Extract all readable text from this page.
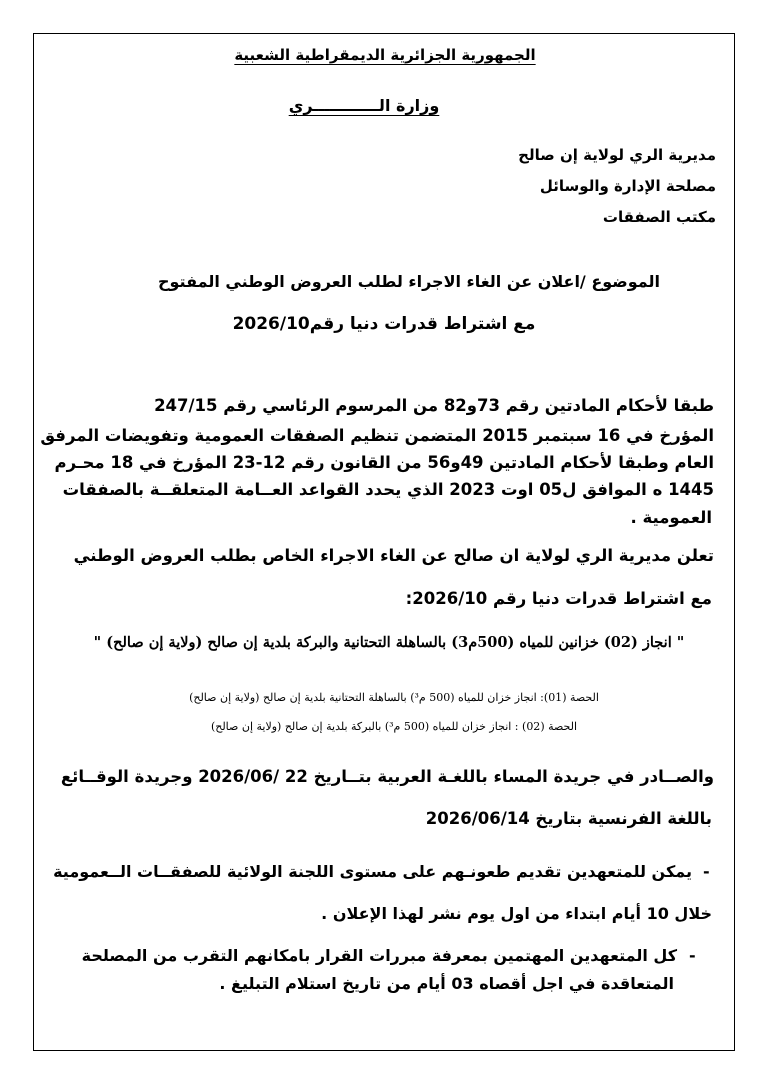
الجمهورية الجزائرية الديمقراطية الشعبية
وزارة الــــــــــــري
مديرية الري لولاية إن صالح
مصلحة الإدارة والوسائل
مكتب الصفقات
الموضوع /اعلان عن الغاء الاجراء لطلب العروض الوطني المفتوح
مع اشتراط قدرات دنيا رقم2026/10
طبقا لأحكام المادتين رقم 73و82 من المرسوم الرئاسي رقم 247/15
المؤرخ في 16 سبتمبر 2015 المتضمن تنظيم الصفقات العمومية وتفويضات المرفق
العام وطبقا لأحكام المادتين 49و56 من القانون رقم 12-23 المؤرخ في 18 محـرم
1445 ه الموافق ل05 اوت 2023 الذي يحدد القواعد العــامة المتعلقــة بالصفقات
العمومية .
تعلن مديرية الري لولاية ان صالح عن الغاء الاجراء الخاص بطلب العروض الوطني
مع اشتراط قدرات دنيا رقم 2026/10:
" انجاز (02) خزانين للمياه (500م3) بالساهلة التحتانية والبركة بلدية إن صالح (ولاية إن صالح) "
الحصة (01): انجاز خزان للمياه (500 م³) بالساهلة التحتانية بلدية إن صالح (ولاية إن صالح)
الحصة (02) : انجاز خزان للمياه (500 م³) بالبركة بلدية إن صالح (ولاية إن صالح)
والصــادر في جريدة المساء باللغـة العربية بتــاريخ 22 /2026/06 وجريدة الوقــائع
باللغة الفرنسية بتاريخ 2026/06/14
-
يمكن للمتعهدين تقديم طعونـهم على مستوى اللجنة الولائية للصفقــات الــعمومية
خلال 10 أيام ابتداء من اول يوم نشر لهذا الإعلان .
-
كل المتعهدين المهتمين بمعرفة مبررات القرار بامكانهم التقرب من المصلحة
المتعاقدة في اجل أقصاه 03 أيام من تاريخ استلام التبليغ .
